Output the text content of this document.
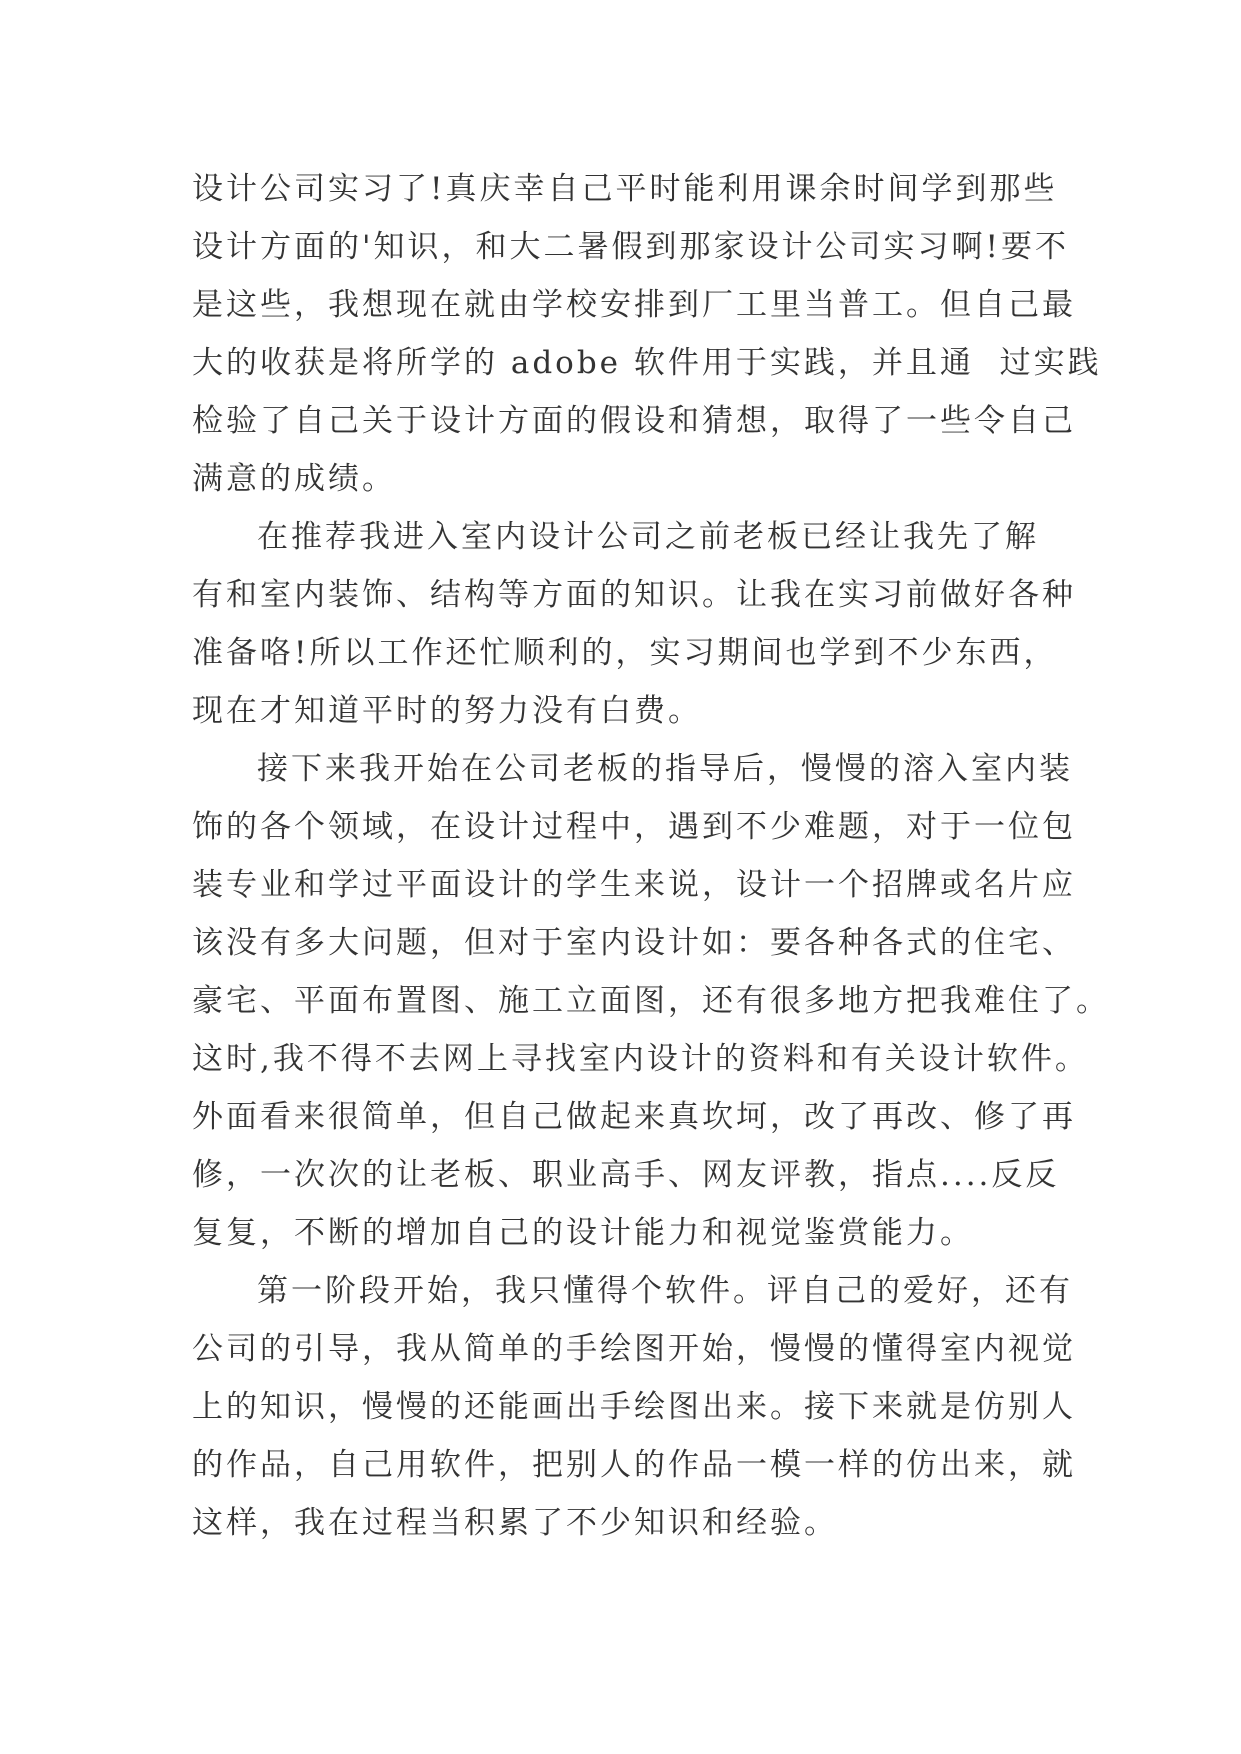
设计公司实习了!真庆幸自己平时能利用课余时间学到那些
设计方面的'知识，和大二暑假到那家设计公司实习啊!要不
是这些，我想现在就由学校安排到厂工里当普工。但自己最
大的收获是将所学的 adobe 软件用于实践，并且通  过实践
检验了自己关于设计方面的假设和猜想，取得了一些令自己
满意的成绩。
在推荐我进入室内设计公司之前老板已经让我先了解
有和室内装饰、结构等方面的知识。让我在实习前做好各种
准备咯!所以工作还忙顺利的，实习期间也学到不少东西，
现在才知道平时的努力没有白费。
接下来我开始在公司老板的指导后，慢慢的溶入室内装
饰的各个领域，在设计过程中，遇到不少难题，对于一位包
装专业和学过平面设计的学生来说，设计一个招牌或名片应
该没有多大问题，但对于室内设计如：要各种各式的住宅、
豪宅、平面布置图、施工立面图，还有很多地方把我难住了。
这时,我不得不去网上寻找室内设计的资料和有关设计软件。
外面看来很简单，但自己做起来真坎坷，改了再改、修了再
修，一次次的让老板、职业高手、网友评教，指点....反反
复复，不断的增加自己的设计能力和视觉鉴赏能力。
第一阶段开始，我只懂得个软件。评自己的爱好，还有
公司的引导，我从简单的手绘图开始，慢慢的懂得室内视觉
上的知识，慢慢的还能画出手绘图出来。接下来就是仿别人
的作品，自己用软件，把别人的作品一模一样的仿出来，就
这样，我在过程当积累了不少知识和经验。
